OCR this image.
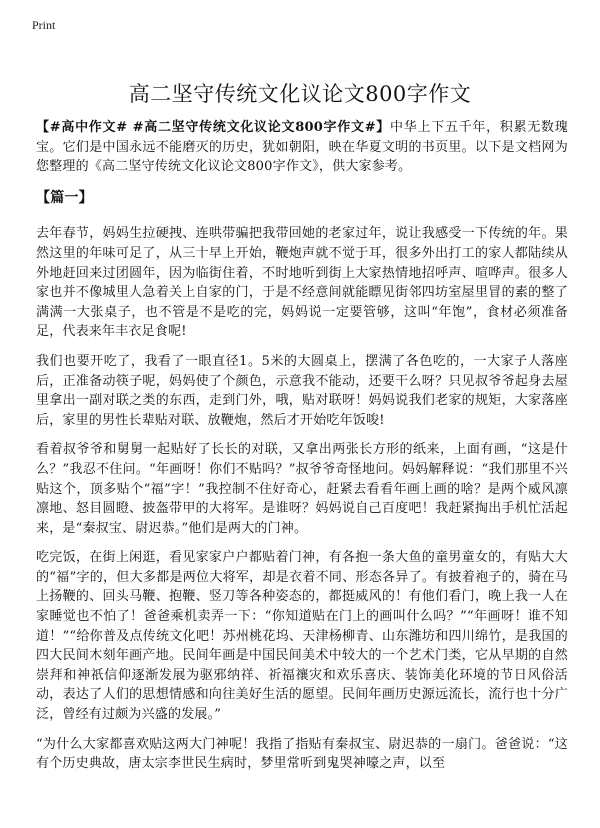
Print
高二坚守传统文化议论文800字作文

【#高中作文# #高二坚守传统文化议论文800字作文#】中华上下五千年，积累无数瑰宝。它们是中国永远不能磨灭的历史，犹如朝阳，映在华夏文明的书页里。以下是文档网为您整理的《高二坚守传统文化议论文800字作文》，供大家参考。

【篇一】

去年春节，妈妈生拉硬拽、连哄带骗把我带回她的老家过年，说让我感受一下传统的年。果然这里的年味可足了，从三十早上开始，鞭炮声就不觉于耳，很多外出打工的家人都陆续从外地赶回来过团圆年，因为临街住着，不时地听到街上大家热情地招呼声、喧哗声。很多人家也并不像城里人急着关上自家的门，于是不经意间就能瞟见街邻四坊室屋里冒的素的整了满满一大张桌子，也不管是不是吃的完，妈妈说一定要管够，这叫“年饱”，食材必须准备足，代表来年丰衣足食呢!

我们也要开吃了，我看了一眼直径1。5米的大圆桌上，摆满了各色吃的，一大家子人落座后，正准备动筷子呢，妈妈使了个颜色，示意我不能动，还要干么呀？只见叔爷爷起身去屋里拿出一副对联之类的东西，走到门外，哦，贴对联呀！妈妈说我们老家的规矩，大家落座后，家里的男性长辈贴对联、放鞭炮，然后才开始吃年饭唆!

看着叔爷爷和舅舅一起贴好了长长的对联，又拿出两张长方形的纸来，上面有画，“这是什么？”我忍不住问。“年画呀！你们不贴吗？”叔爷爷奇怪地问。妈妈解释说：“我们那里不兴贴这个，顶多贴个“福”字！”我控制不住好奇心，赶紧去看看年画上画的啥？是两个威风凛凛地、怒目圆瞪、披盔带甲的大将军。是谁呀？妈妈说自己百度吧！我赶紧掏出手机忙活起来，是“秦叔宝、尉迟恭。”他们是两大的门神。

吃完饭，在街上闲逛，看见家家户户都贴着门神，有各抱一条大鱼的童男童女的，有贴大大的“福”字的，但大多都是两位大将军，却是衣着不同、形态各异了。有披着袍子的，骑在马上扬鞭的、回头马鞭、抱鞭、竖刀等各种姿态的，都挺威风的！有他们看门，晚上我一人在家睡觉也不怕了！爸爸乘机卖弄一下：“你知道贴在门上的画叫什么吗？”“年画呀！谁不知道！”“给你普及点传统文化吧！苏州桃花坞、天津杨柳青、山东潍坊和四川绵竹，是我国的四大民间木刻年画产地。民间年画是中国民间美术中较大的一个艺术门类，它从早期的自然崇拜和神祇信仰逐渐发展为驱邪纳祥、祈福禳灾和欢乐喜庆、装饰美化环境的节日风俗活动，表达了人们的思想情感和向往美好生活的愿望。民间年画历史源远流长，流行也十分广泛，曾经有过颇为兴盛的发展。”

“为什么大家都喜欢贴这两大门神呢！我指了指贴有秦叔宝、尉迟恭的一扇门。爸爸说：“这有个历史典故，唐太宗李世民生病时，梦里常听到鬼哭神嚎之声，以至
